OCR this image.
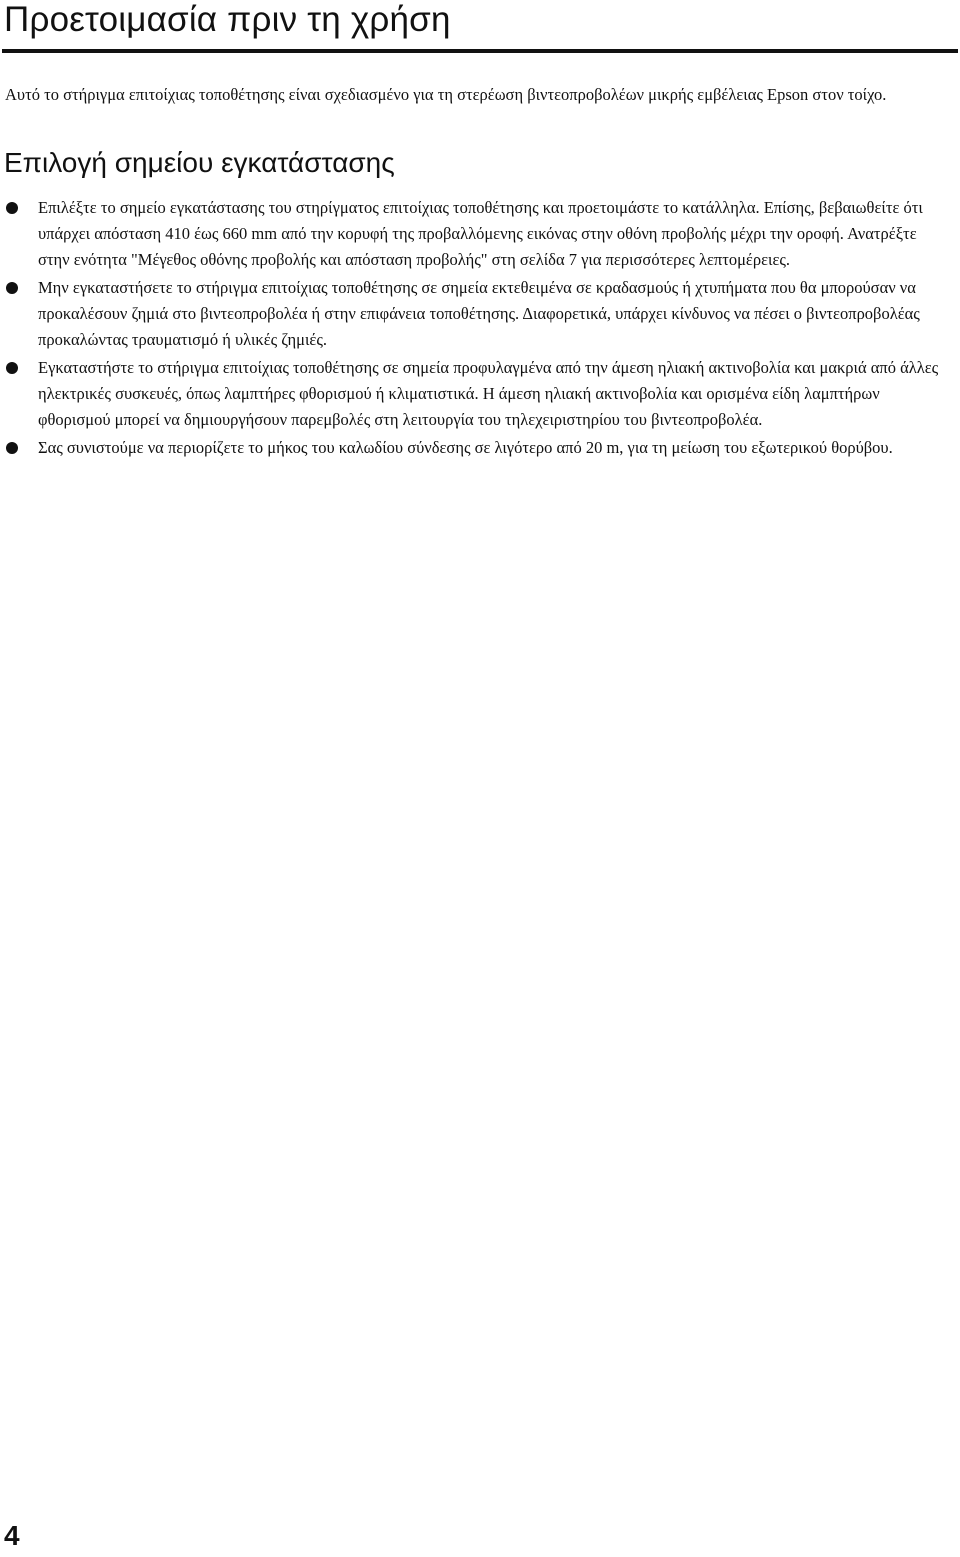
Προετοιμασία πριν τη χρήση

Αυτό το στήριγμα επιτοίχιας τοποθέτησης είναι σχεδιασμένο για τη στερέωση βιντεοπροβολέων μικρής εμβέλειας Epson στον τοίχο.

Επιλογή σημείου εγκατάστασης
Επιλέξτε το σημείο εγκατάστασης του στηρίγματος επιτοίχιας τοποθέτησης και προετοιμάστε το κατάλληλα. Επίσης, βεβαιωθείτε ότι υπάρχει απόσταση 410 έως 660 mm από την κορυφή της προβαλλόμενης εικόνας στην οθόνη προβολής μέχρι την οροφή. Ανατρέξτε στην ενότητα "Μέγεθος οθόνης προβολής και απόσταση προβολής" στη σελίδα 7 για περισσότερες λεπτομέρειες.
Μην εγκαταστήσετε το στήριγμα επιτοίχιας τοποθέτησης σε σημεία εκτεθειμένα σε κραδασμούς ή χτυπήματα που θα μπορούσαν να προκαλέσουν ζημιά στο βιντεοπροβολέα ή στην επιφάνεια τοποθέτησης. Διαφορετικά, υπάρχει κίνδυνος να πέσει ο βιντεοπροβολέας προκαλώντας τραυματισμό ή υλικές ζημιές.
Εγκαταστήστε το στήριγμα επιτοίχιας τοποθέτησης σε σημεία προφυλαγμένα από την άμεση ηλιακή ακτινοβολία και μακριά από άλλες ηλεκτρικές συσκευές, όπως λαμπτήρες φθορισμού ή κλιματιστικά. Η άμεση ηλιακή ακτινοβολία και ορισμένα είδη λαμπτήρων φθορισμού μπορεί να δημιουργήσουν παρεμβολές στη λειτουργία του τηλεχειριστηρίου του βιντεοπροβολέα.
Σας συνιστούμε να περιορίζετε το μήκος του καλωδίου σύνδεσης σε λιγότερο από 20 m, για τη μείωση του εξωτερικού θορύβου.

4
